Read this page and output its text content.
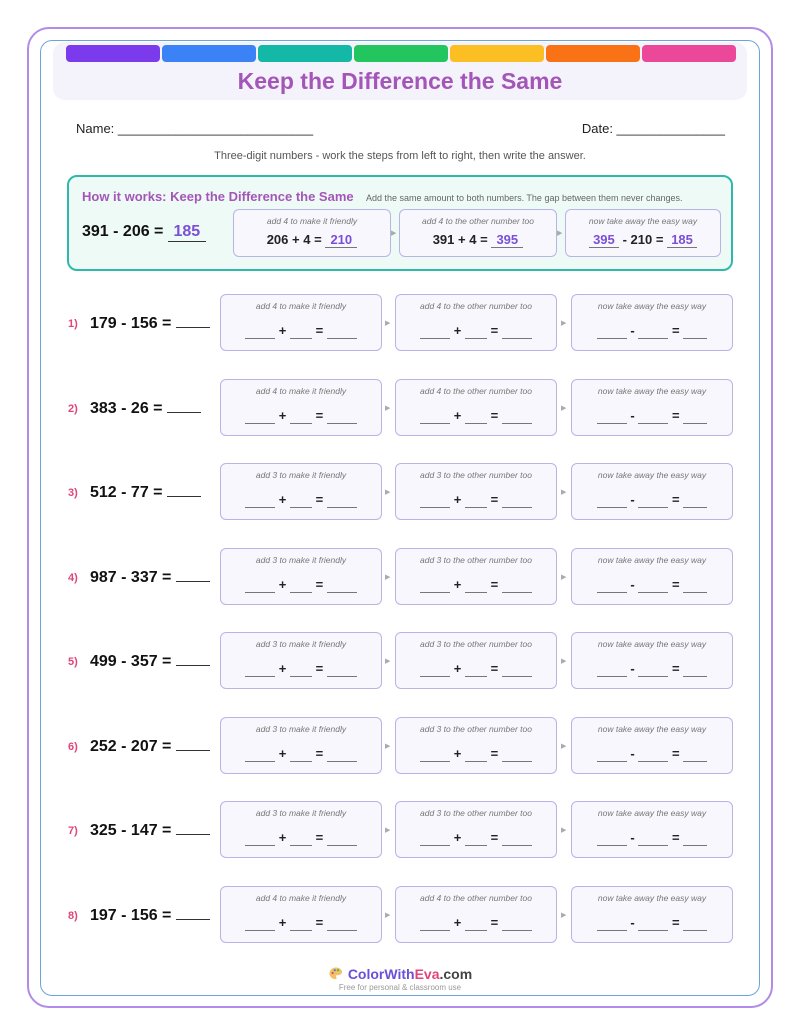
Keep the Difference the Same
Name: ___________________________	Date: _______________
Three-digit numbers - work the steps from left to right, then write the answer.
How it works: Keep the Difference the Same Add the same amount to both numbers. The gap between them never changes.
391 - 206 = 185
add 4 to make it friendly
206 + 4 = 210	▶
add 4 to the other number too
391 + 4 = 395	▶
now take away the easy way
395 - 210 = 185
1) 179 - 156 =
add 4 to make it friendly
+   =	▶
add 4 to the other number too
+   =	▶
now take away the easy way
-   =
2) 383 - 26 =
add 4 to make it friendly
+   =	▶
add 4 to the other number too
+   =	▶
now take away the easy way
-   =
3) 512 - 77 =
add 3 to make it friendly
+   =	▶
add 3 to the other number too
+   =	▶
now take away the easy way
-   =
4) 987 - 337 =
add 3 to make it friendly
+   =	▶
add 3 to the other number too
+   =	▶
now take away the easy way
-   =
5) 499 - 357 =
add 3 to make it friendly
+   =	▶
add 3 to the other number too
+   =	▶
now take away the easy way
-   =
6) 252 - 207 =
add 3 to make it friendly
+   =	▶
add 3 to the other number too
+   =	▶
now take away the easy way
-   =
7) 325 - 147 =
add 3 to make it friendly
+   =	▶
add 3 to the other number too
+   =	▶
now take away the easy way
-   =
8) 197 - 156 =
add 4 to make it friendly
+   =	▶
add 4 to the other number too
+   =	▶
now take away the easy way
-   =
ColorWithEva.com
Free for personal & classroom use
